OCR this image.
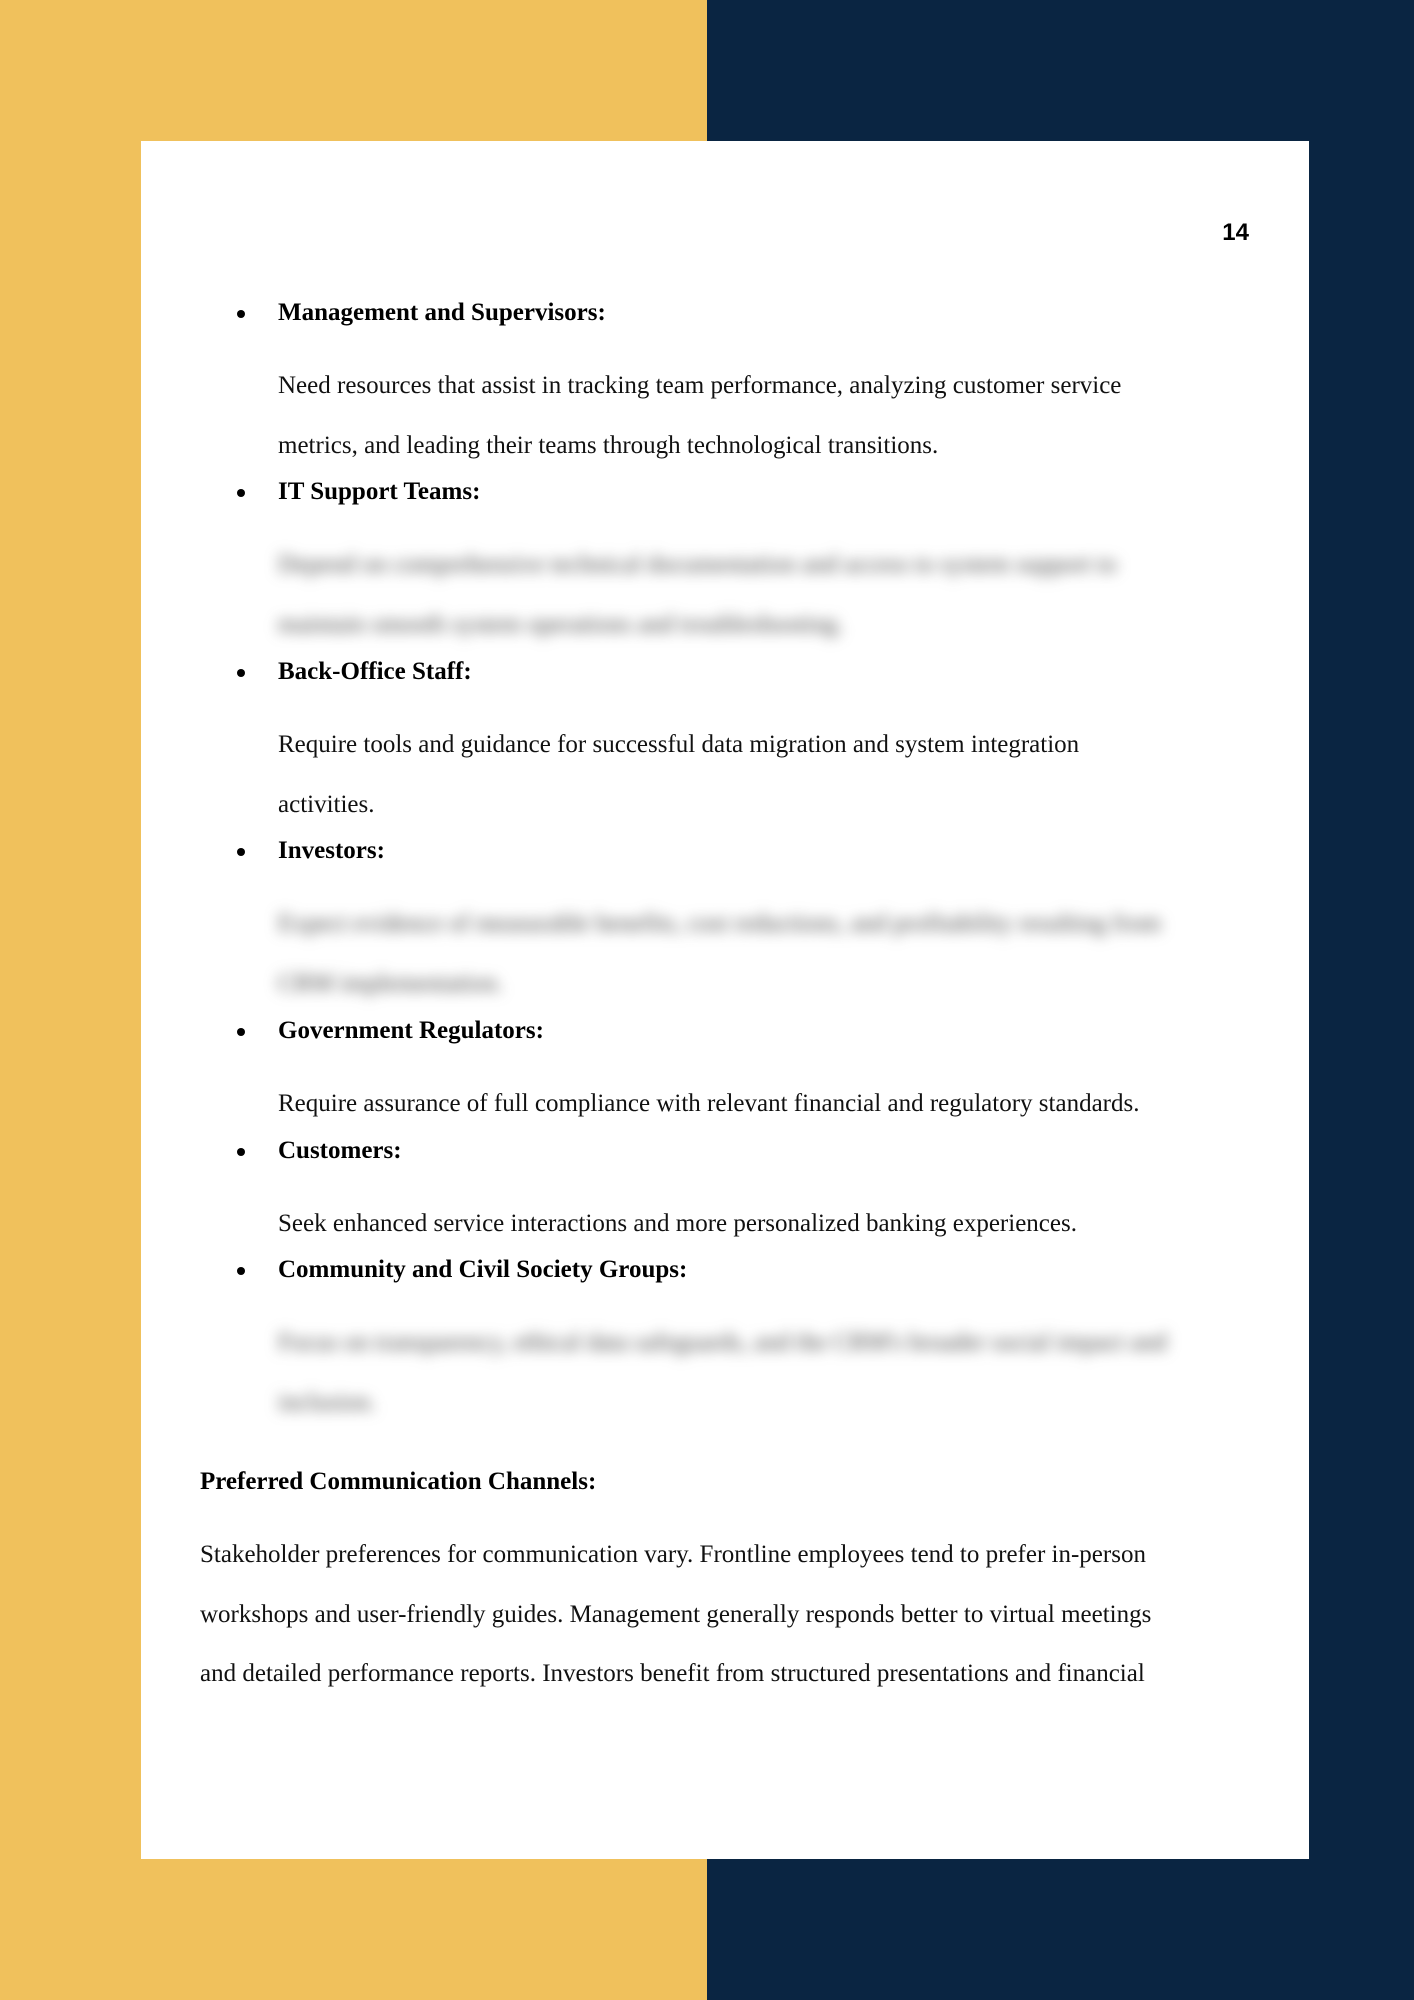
14
Management and Supervisors:
Need resources that assist in tracking team performance, analyzing customer service
metrics, and leading their teams through technological transitions.
IT Support Teams:
Depend on comprehensive technical documentation and access to system support to
maintain smooth system operations and troubleshooting.
Back-Office Staff:
Require tools and guidance for successful data migration and system integration
activities.
Investors:
Expect evidence of measurable benefits, cost reductions, and profitability resulting from
CRM implementation.
Government Regulators:
Require assurance of full compliance with relevant financial and regulatory standards.
Customers:
Seek enhanced service interactions and more personalized banking experiences.
Community and Civil Society Groups:
Focus on transparency, ethical data safeguards, and the CRM's broader social impact and
inclusion.
Preferred Communication Channels:
Stakeholder preferences for communication vary. Frontline employees tend to prefer in-person
workshops and user-friendly guides. Management generally responds better to virtual meetings
and detailed performance reports. Investors benefit from structured presentations and financial
